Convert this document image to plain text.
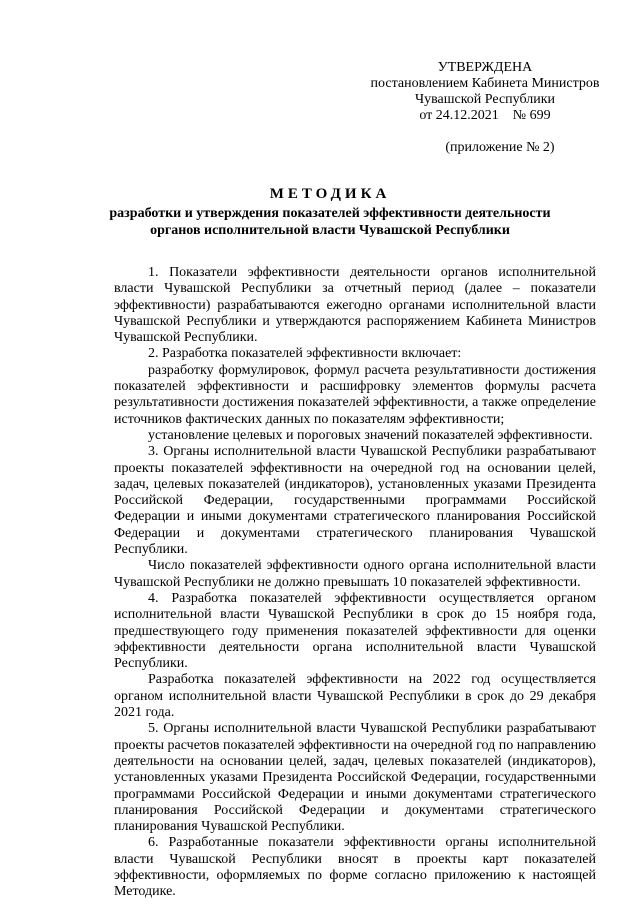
УТВЕРЖДЕНА
постановлением Кабинета Министров
Чувашской Республики
от 24.12.2021    № 699
(приложение № 2)
МЕТОДИКА
разработки и утверждения показателей эффективности деятельности
органов исполнительной власти Чувашской Республики

1. Показатели эффективности деятельности органов исполнительной власти Чувашской Республики за отчетный период (далее – показатели эффективности) разрабатываются ежегодно органами исполнительной власти Чувашской Республики и утверждаются распоряжением Кабинета Министров Чувашской Республики.

2. Разработка показателей эффективности включает:

разработку формулировок, формул расчета результативности достижения показателей эффективности и расшифровку элементов формулы расчета результативности достижения показателей эффективности, а также определение источников фактических данных по показателям эффективности;

установление целевых и пороговых значений показателей эффективности.

3. Органы исполнительной власти Чувашской Республики разрабатывают проекты показателей эффективности на очередной год на основании целей, задач, целевых показателей (индикаторов), установленных указами Президента Российской Федерации, государственными программами Российской Федерации и иными документами стратегического планирования Российской Федерации и документами стратегического планирования Чувашской Республики.

Число показателей эффективности одного органа исполнительной власти Чувашской Республики не должно превышать 10 показателей эффективности.

4. Разработка показателей эффективности осуществляется органом исполнительной власти Чувашской Республики в срок до 15 ноября года, предшествующего году применения показателей эффективности для оценки эффективности деятельности органа исполнительной власти Чувашской Республики.

Разработка показателей эффективности на 2022 год осуществляется органом исполнительной власти Чувашской Республики в срок до 29 декабря 2021 года.

5. Органы исполнительной власти Чувашской Республики разрабатывают проекты расчетов показателей эффективности на очередной год по направлению деятельности на основании целей, задач, целевых показателей (индикаторов), установленных указами Президента Российской Федерации, государственными программами Российской Федерации и иными документами стратегического планирования Российской Федерации и документами стратегического планирования Чувашской Республики.

6. Разработанные показатели эффективности органы исполнительной власти Чувашской Республики вносят в проекты карт показателей эффективности, оформляемых по форме согласно приложению к настоящей Методике.
